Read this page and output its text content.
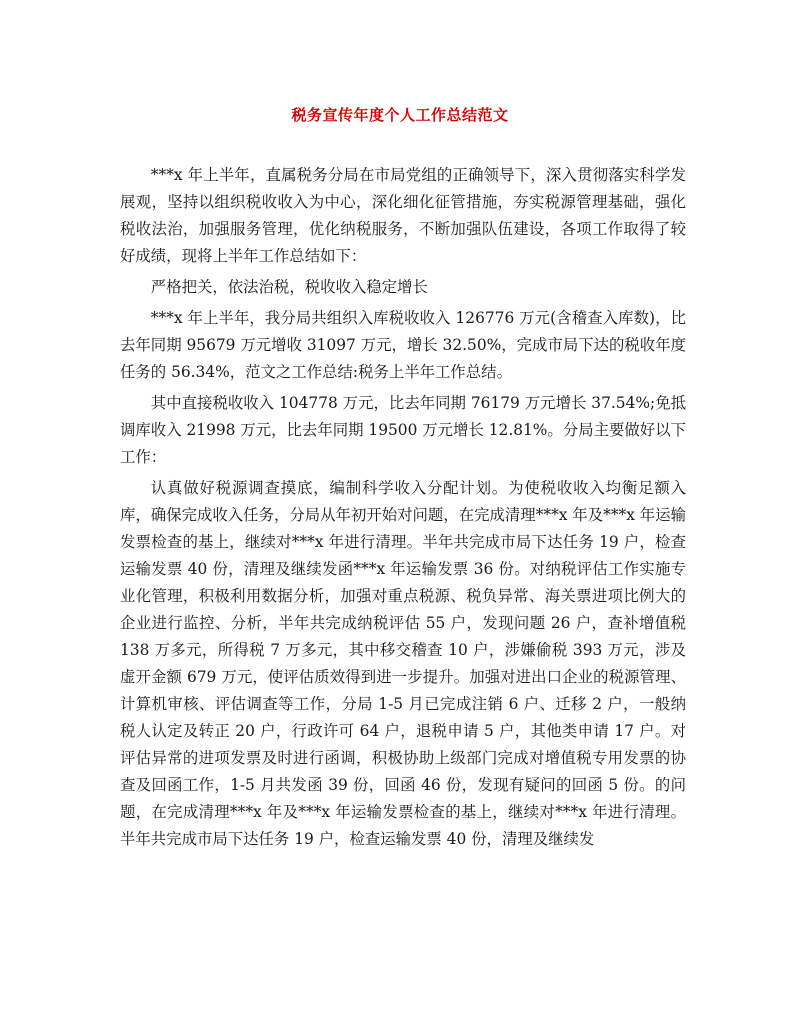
税务宣传年度个人工作总结范文

***x 年上半年，直属税务分局在市局党组的正确领导下，深入贯彻落实科学发展观，坚持以组织税收收入为中心，深化细化征管措施，夯实税源管理基础，强化税收法治，加强服务管理，优化纳税服务，不断加强队伍建设，各项工作取得了较好成绩，现将上半年工作总结如下：

严格把关，依法治税，税收收入稳定增长

***x 年上半年，我分局共组织入库税收收入 126776 万元(含稽查入库数)，比去年同期 95679 万元增收 31097 万元，增长 32.50%，完成市局下达的税收年度任务的 56.34%，范文之工作总结:税务上半年工作总结。

其中直接税收收入 104778 万元，比去年同期 76179 万元增长 37.54%;免抵调库收入 21998 万元，比去年同期 19500 万元增长 12.81%。分局主要做好以下工作：

认真做好税源调查摸底，编制科学收入分配计划。为使税收收入均衡足额入库，确保完成收入任务，分局从年初开始对问题，在完成清理***x 年及***x 年运输发票检查的基上，继续对***x 年进行清理。半年共完成市局下达任务 19 户，检查运输发票 40 份，清理及继续发函***x 年运输发票 36 份。对纳税评估工作实施专业化管理，积极利用数据分析，加强对重点税源、税负异常、海关票进项比例大的企业进行监控、分析，半年共完成纳税评估 55 户，发现问题 26 户，查补增值税 138 万多元，所得税 7 万多元，其中移交稽查 10 户，涉嫌偷税 393 万元，涉及虚开金额 679 万元，使评估质效得到进一步提升。加强对进出口企业的税源管理、计算机审核、评估调查等工作，分局 1-5 月已完成注销 6 户、迁移 2 户，一般纳税人认定及转正 20 户，行政许可 64 户，退税申请 5 户，其他类申请 17 户。对评估异常的进项发票及时进行函调，积极协助上级部门完成对增值税专用发票的协查及回函工作，1-5 月共发函 39 份，回函 46 份，发现有疑问的回函 5 份。的问题，在完成清理***x 年及***x 年运输发票检查的基上，继续对***x 年进行清理。半年共完成市局下达任务 19 户，检查运输发票 40 份，清理及继续发
